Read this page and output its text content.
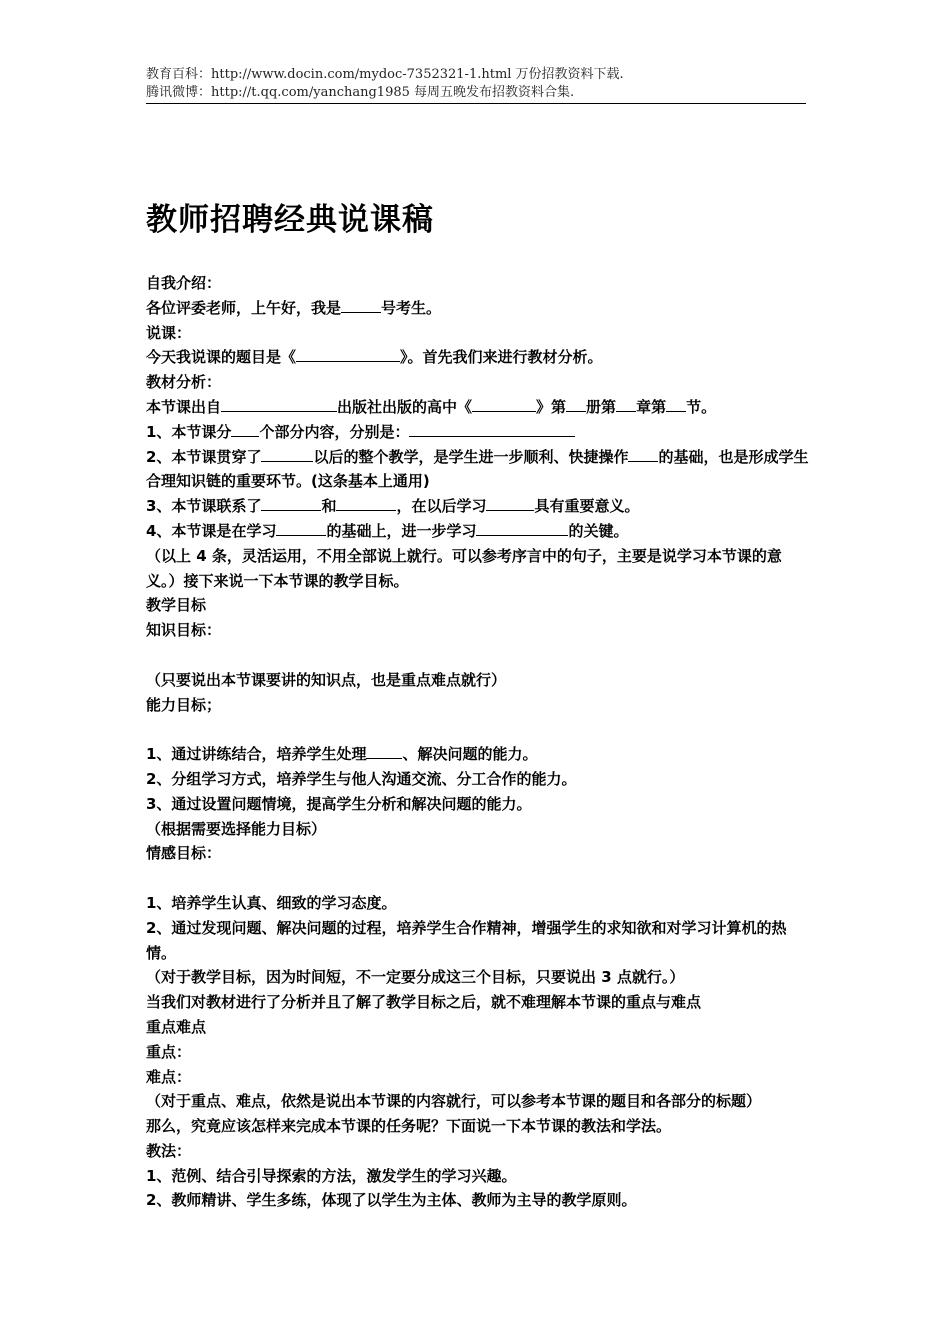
教育百科：http://www.docin.com/mydoc-7352321-1.html 万份招教资料下载.
腾讯微博：http://t.qq.com/yanchang1985 每周五晚发布招教资料合集.
教师招聘经典说课稿

自我介绍：

各位评委老师，上午好，我是	号考生。

说课：

今天我说课的题目是《	》。首先我们来进行教材分析。

教材分析：

本节课出自	出版社出版的高中《	》第 册第 章第 节。

1、本节课分 个部分内容，分别是：

2、本节课贯穿了	以后的整个教学，是学生进一步顺利、快捷操作 的基础，也是形成学生合理知识链的重要环节。(这条基本上通用)

3、本节课联系了	和	，在以后学习	具有重要意义。

4、本节课是在学习	的基础上，进一步学习	的关键。

（以上 4 条，灵活运用，不用全部说上就行。可以参考序言中的句子，主要是说学习本节课的意义。）接下来说一下本节课的教学目标。

教学目标

知识目标：

（只要说出本节课要讲的知识点，也是重点难点就行）

能力目标；

1、通过讲练结合，培养学生处理 、解决问题的能力。

2、分组学习方式，培养学生与他人沟通交流、分工合作的能力。

3、通过设置问题情境，提高学生分析和解决问题的能力。

（根据需要选择能力目标）

情感目标：

1、培养学生认真、细致的学习态度。

2、通过发现问题、解决问题的过程，培养学生合作精神，增强学生的求知欲和对学习计算机的热情。

（对于教学目标，因为时间短，不一定要分成这三个目标，只要说出 3 点就行。）

当我们对教材进行了分析并且了解了教学目标之后，就不难理解本节课的重点与难点

重点难点

重点：

难点：

（对于重点、难点，依然是说出本节课的内容就行，可以参考本节课的题目和各部分的标题）

那么，究竟应该怎样来完成本节课的任务呢？下面说一下本节课的教法和学法。

教法：

1、范例、结合引导探索的方法，激发学生的学习兴趣。

2、教师精讲、学生多练，体现了以学生为主体、教师为主导的教学原则。
